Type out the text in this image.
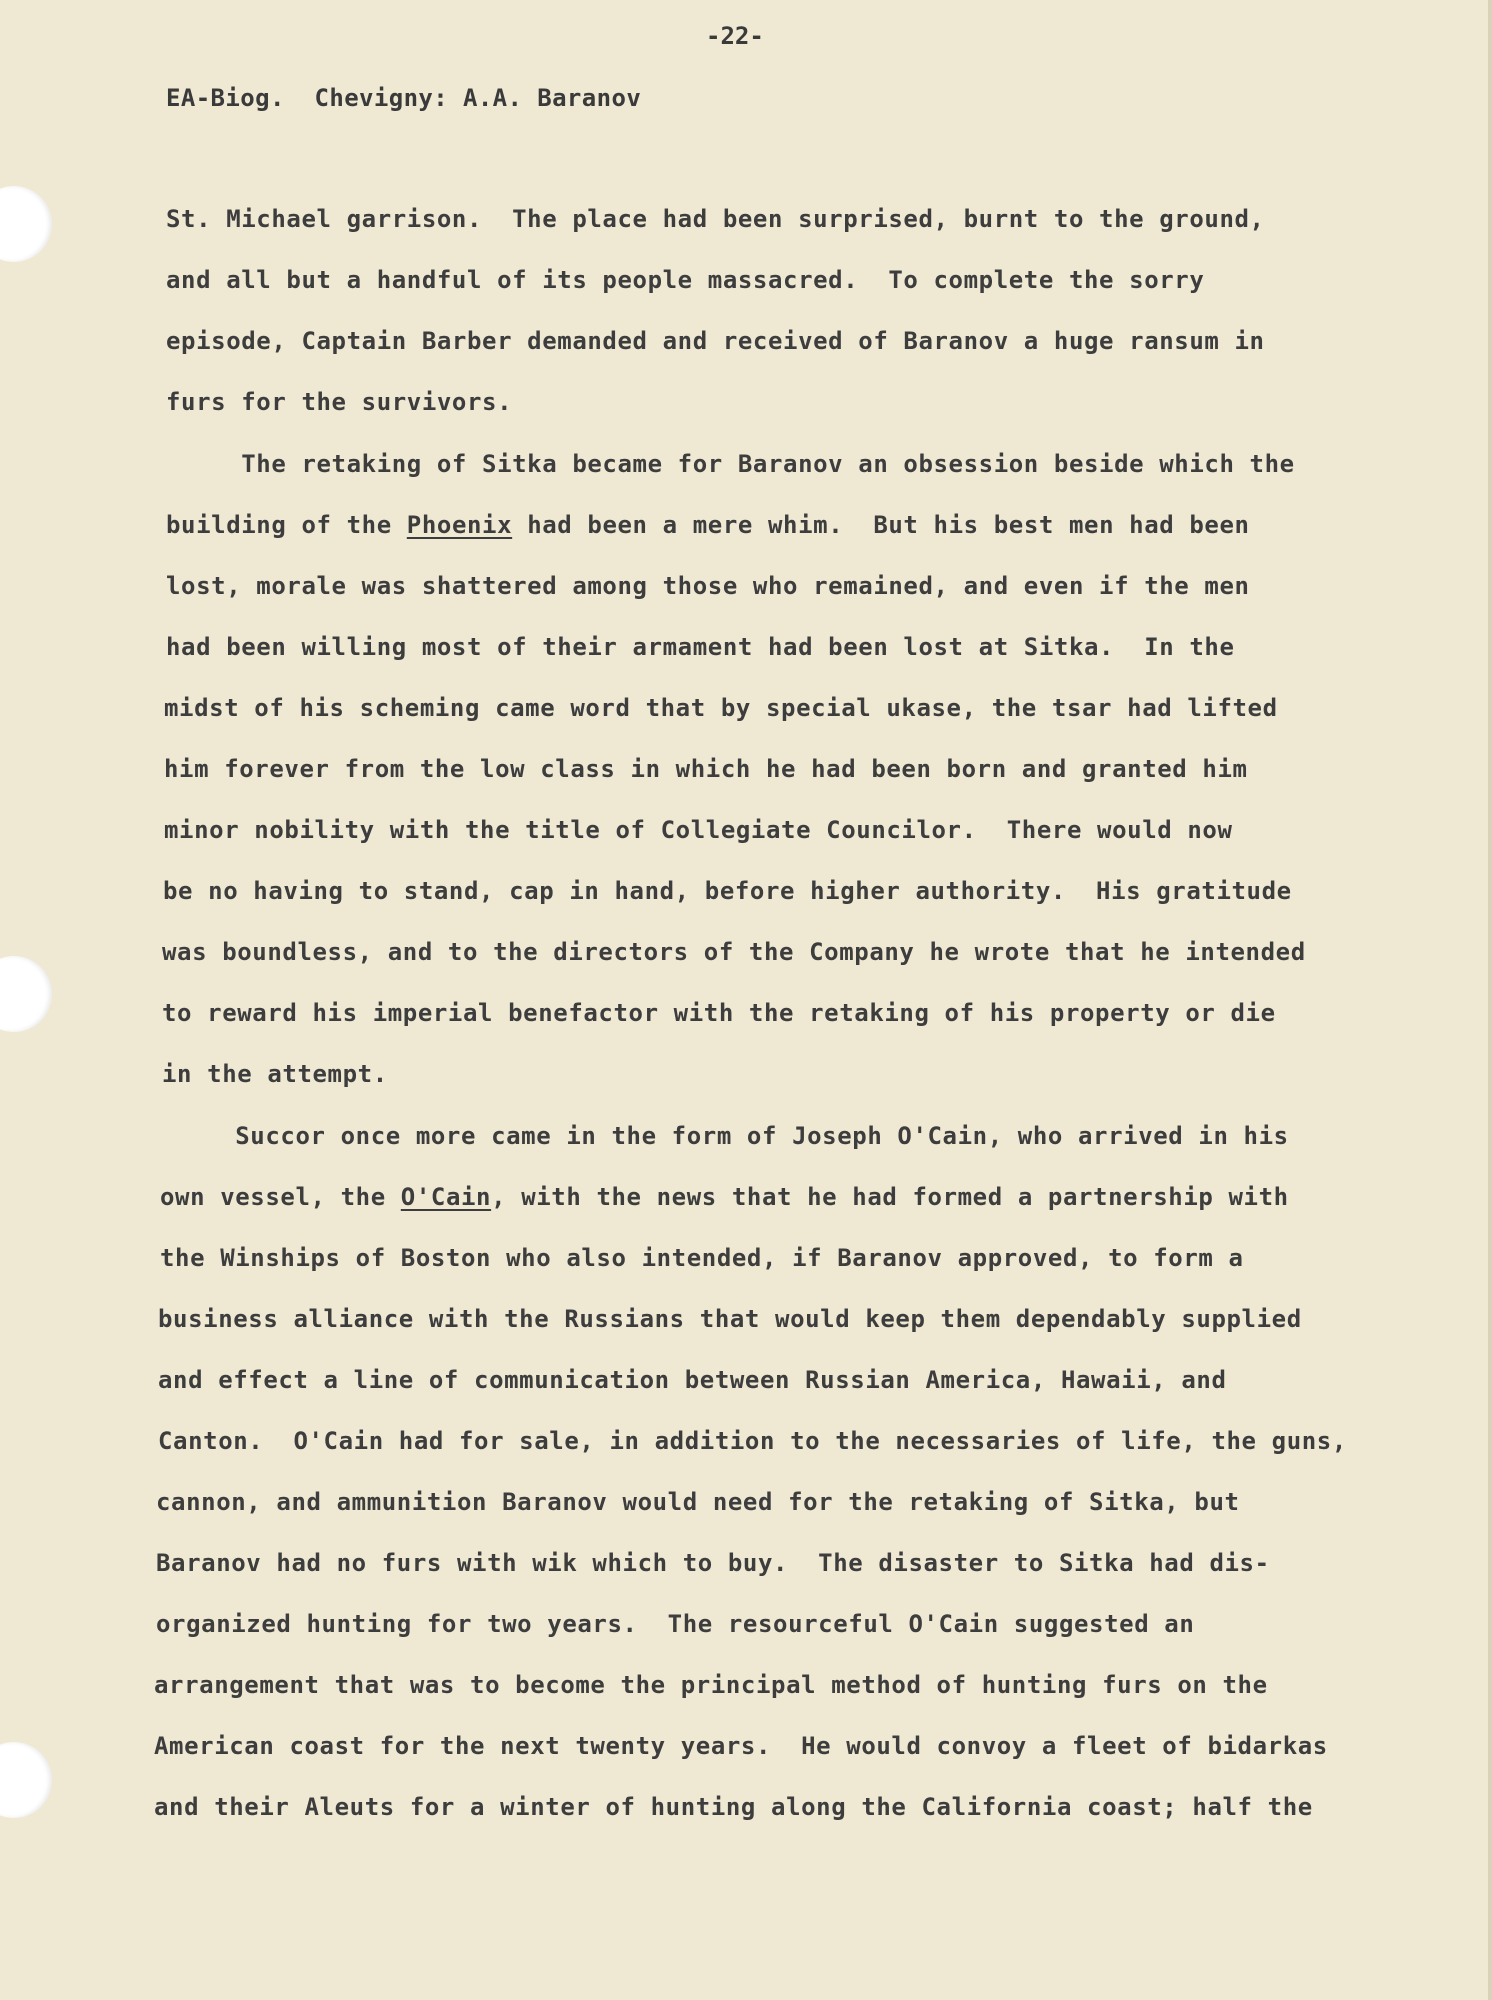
-22-
EA-Biog.  Chevigny: A.A. Baranov
St. Michael garrison.  The place had been surprised, burnt to the ground,
and all but a handful of its people massacred.  To complete the sorry
episode, Captain Barber demanded and received of Baranov a huge ransum in
furs for the survivors.
The retaking of Sitka became for Baranov an obsession beside which the
building of the Phoenix had been a mere whim.  But his best men had been
lost, morale was shattered among those who remained, and even if the men
had been willing most of their armament had been lost at Sitka.  In the
midst of his scheming came word that by special ukase, the tsar had lifted
him forever from the low class in which he had been born and granted him
minor nobility with the title of Collegiate Councilor.  There would now
be no having to stand, cap in hand, before higher authority.  His gratitude
was boundless, and to the directors of the Company he wrote that he intended
to reward his imperial benefactor with the retaking of his property or die
in the attempt.
Succor once more came in the form of Joseph O'Cain, who arrived in his
own vessel, the O'Cain, with the news that he had formed a partnership with
the Winships of Boston who also intended, if Baranov approved, to form a
business alliance with the Russians that would keep them dependably supplied
and effect a line of communication between Russian America, Hawaii, and
Canton.  O'Cain had for sale, in addition to the necessaries of life, the guns,
cannon, and ammunition Baranov would need for the retaking of Sitka, but
Baranov had no furs with wik which to buy.  The disaster to Sitka had dis-
organized hunting for two years.  The resourceful O'Cain suggested an
arrangement that was to become the principal method of hunting furs on the
American coast for the next twenty years.  He would convoy a fleet of bidarkas
and their Aleuts for a winter of hunting along the California coast; half the
